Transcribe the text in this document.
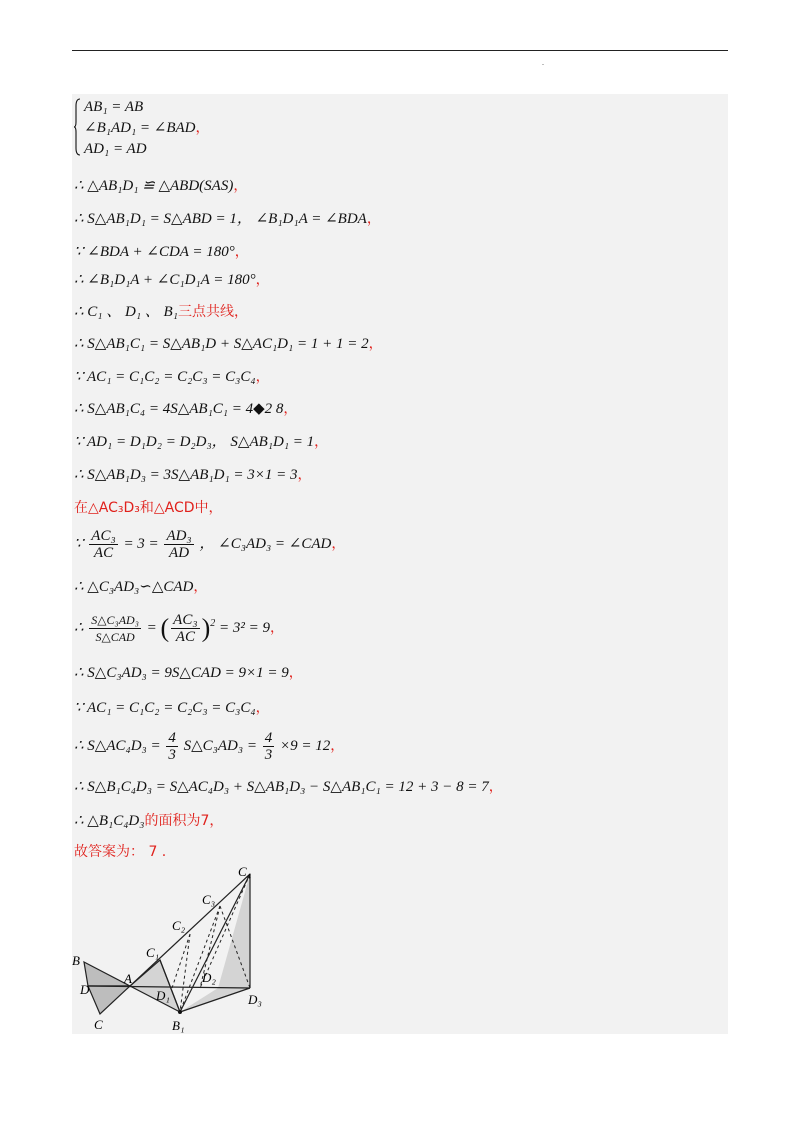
.
AB₁ = AB
∠B₁AD₁ = ∠BAD，
AD₁ = AD
∴ △AB₁D₁ ≌ △ABD(SAS)，
∴ S△AB₁D₁ = S△ABD = 1， ∠B₁D₁A = ∠BDA，
∵ ∠BDA + ∠CDA = 180°，
∴ ∠B₁D₁A + ∠C₁D₁A = 180°，
∴ C₁ 、 D₁ 、 B₁三点共线，
∴ S△AB₁C₁ = S△AB₁D + S△AC₁D₁ = 1 + 1 = 2，
∵ AC₁ = C₁C₂ = C₂C₃ = C₃C₄，
∴ S△AB₁C₄ = 4S△AB₁C₁ = 4◆2 8，
∵ AD₁ = D₁D₂ = D₂D₃， S△AB₁D₁ = 1，
∴ S△AB₁D₃ = 3S△AB₁D₁ = 3×1 = 3，
在△AC₃D₃和△ACD中，
∵ $\frac{\text{AC₃}}{AC} = 3 = \frac{\text{AD₃}}{AD}$ ， ∠C₃AD₃ = ∠CAD，
∴ △C₃AD₃∽△CAD，
∴ $\frac{\text{S△C₃AD₃}}{\text{S△CAD}}$ = ( $\frac{\text{AC₃}}{AC} )^2 = 3^2 = 9$，
∴ S△C₃AD₃ = 9S△CAD = 9×1 = 9，
∵ AC₁ = C₁C₂ = C₂C₃ = C₃C₄，
∴ S△AC₄D₃ = $\frac{4}{3}$ S△C₃AD₃ = $\frac{4}{3} \times 9 = 12$，
∴ S△B₁C₄D₃ = S△AC₄D₃ + S△AB₁D₃ − S△AB₁C₁ = 12 + 3 − 8 = 7，
∴ △B₁C₄D₃的面积为7，
故答案为： 7 .
B
D
C
A
C₁
C₂
C₃
C₄
D₁
D₂
D₃
B₁
